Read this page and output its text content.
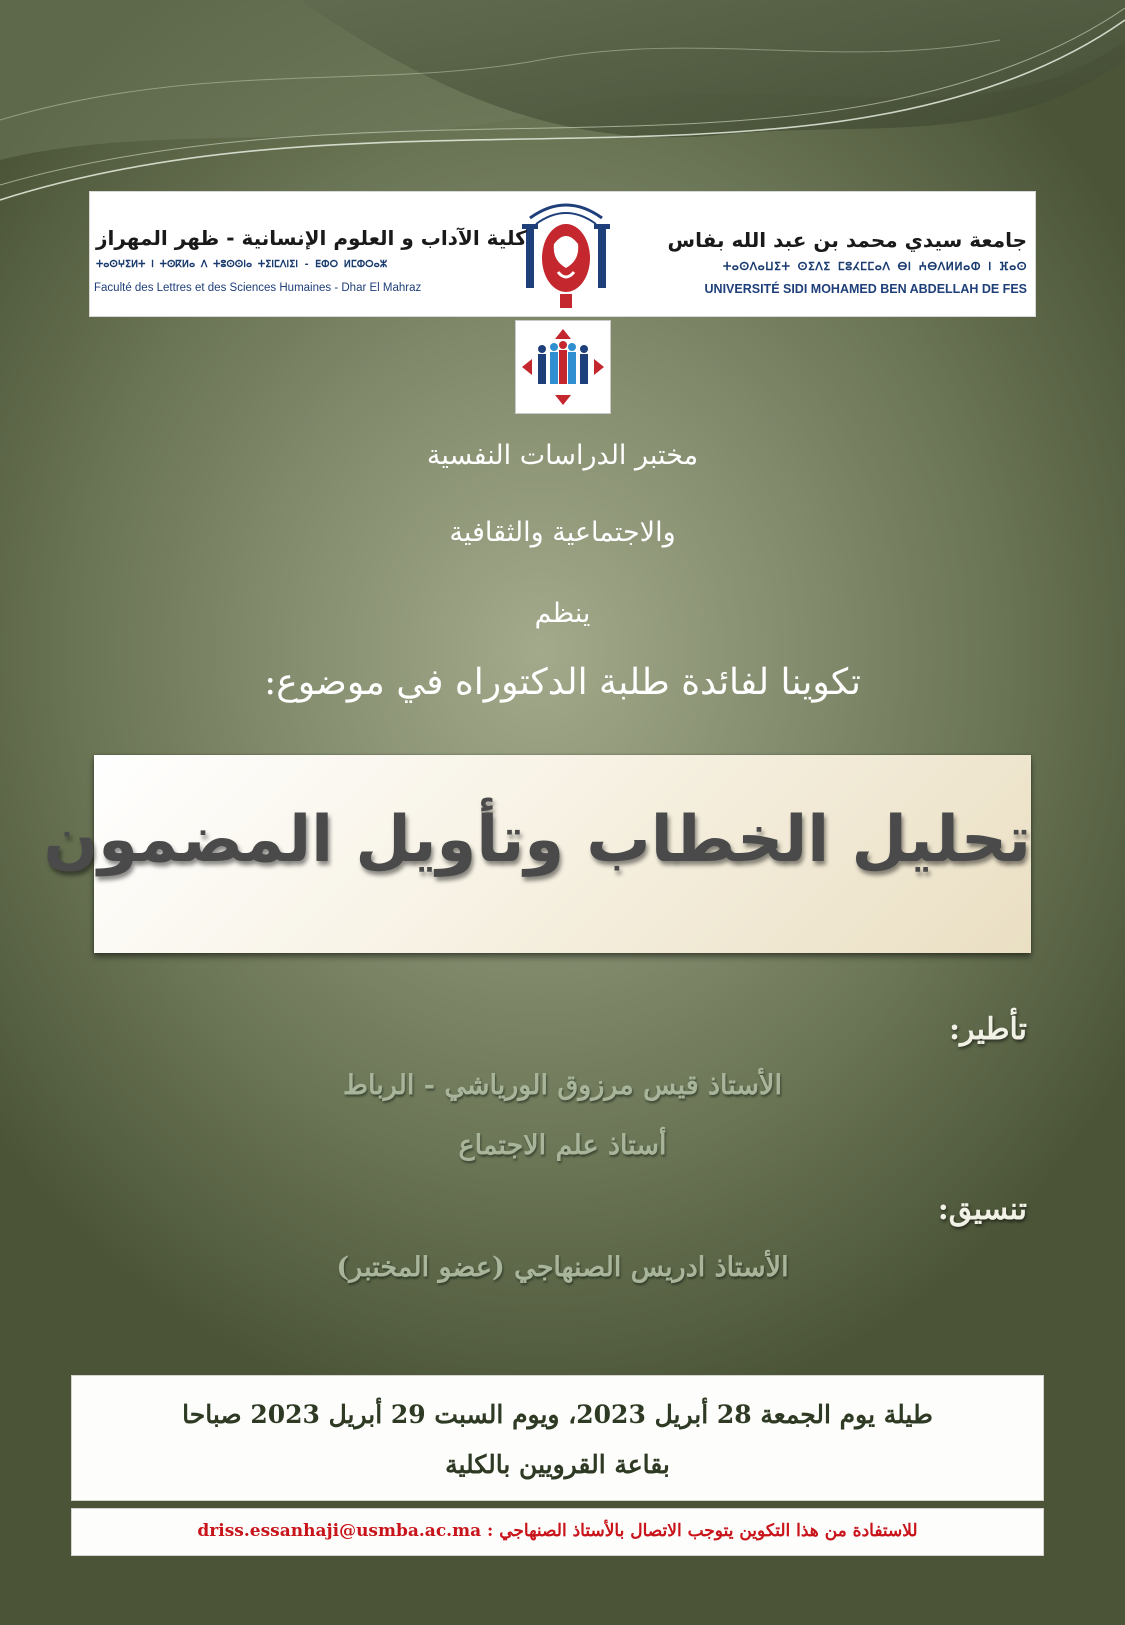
جامعة سيدي محمد بن عبد الله بفاس
ⵜⴰⵙⴷⴰⵡⵉⵜ ⵙⵉⴷⵉ ⵎⵓⵃⵎⵎⴰⴷ ⴱⵏ ⵄⴱⴷⵍⵍⴰⵀ ⵏ ⴼⴰⵙ
UNIVERSITÉ SIDI MOHAMED BEN ABDELLAH DE FES
كلية الآداب و العلوم الإنسانية - ظهر المهراز
ⵜⴰⵙⵖⵉⵍⵜ ⵏ ⵜⵙⴽⵍⴰ ⴷ ⵜⵓⵙⵙⵏⴰ ⵜⵉⵏⵎⴷⵏⵉⵏ - ⴹⵀⵔ ⵍⵎⵀⵔⴰⵣ
Faculté des Lettres et des Sciences Humaines - Dhar El Mahraz
مختبر الدراسات النفسية
والاجتماعية والثقافية
ينظم
تكوينا لفائدة طلبة الدكتوراه في موضوع:
تحليل الخطاب وتأويل المضمون
تأطير:
الأستاذ قيس مرزوق الورياشي - الرباط
أستاذ علم الاجتماع
تنسيق:
الأستاذ ادريس الصنهاجي (عضو المختبر)
طيلة يوم الجمعة 28 أبريل 2023، ويوم السبت 29 أبريل 2023 صباحا
بقاعة القرويين بالكلية
للاستفادة من هذا التكوين يتوجب الاتصال بالأستاذ الصنهاجي : driss.essanhaji@usmba.ac.ma
